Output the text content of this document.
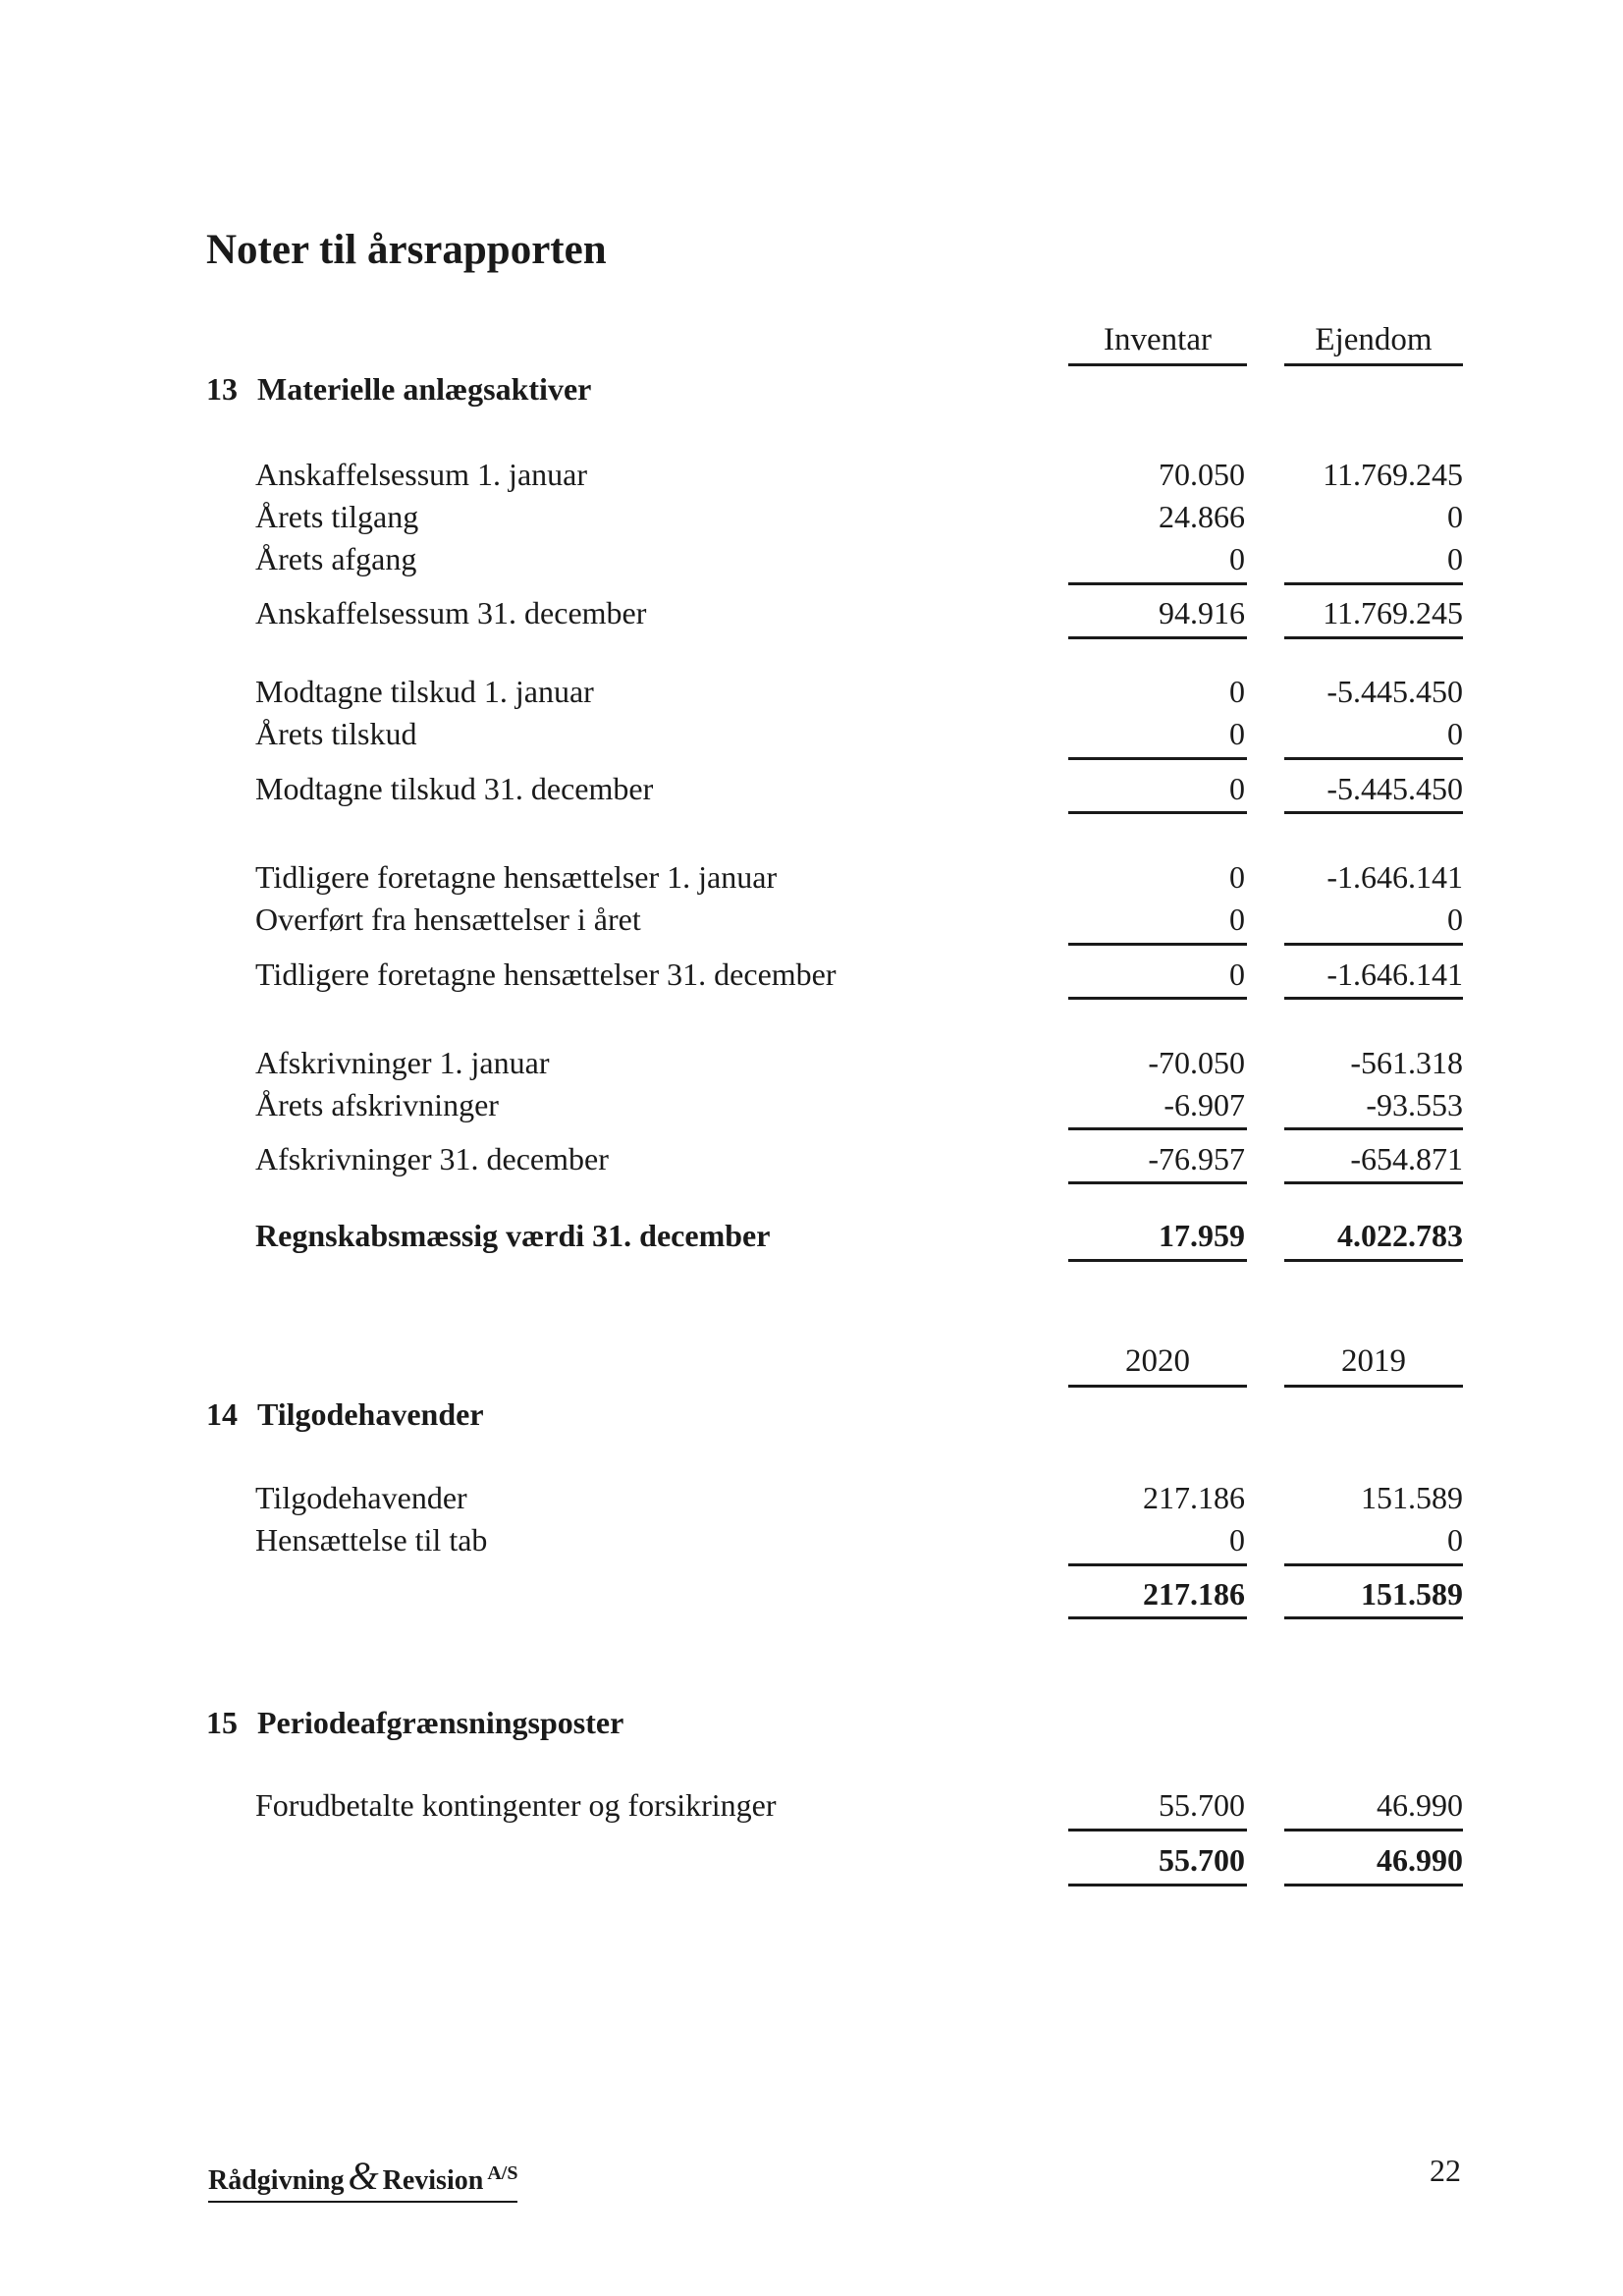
Noter til årsrapporten
Inventar	Ejendom
13 Materielle anlægsaktiver
Anskaffelsessum 1. januar	70.050	11.769.245
Årets tilgang	24.866	0
Årets afgang	0	0
Anskaffelsessum 31. december	94.916	11.769.245
Modtagne tilskud 1. januar	0	-5.445.450
Årets tilskud	0	0
Modtagne tilskud 31. december	0	-5.445.450
Tidligere foretagne hensættelser 1. januar	0	-1.646.141
Overført fra hensættelser i året	0	0
Tidligere foretagne hensættelser 31. december	0	-1.646.141
Afskrivninger 1. januar	-70.050	-561.318
Årets afskrivninger	-6.907	-93.553
Afskrivninger 31. december	-76.957	-654.871
Regnskabsmæssig værdi 31. december	17.959	4.022.783
2020	2019
14 Tilgodehavender
Tilgodehavender	217.186	151.589
Hensættelse til tab	0	0
217.186	151.589
15 Periodeafgrænsningsposter
Forudbetalte kontingenter og forsikringer	55.700	46.990
55.700	46.990
Rådgivning & Revision $^{A/S}$	22
